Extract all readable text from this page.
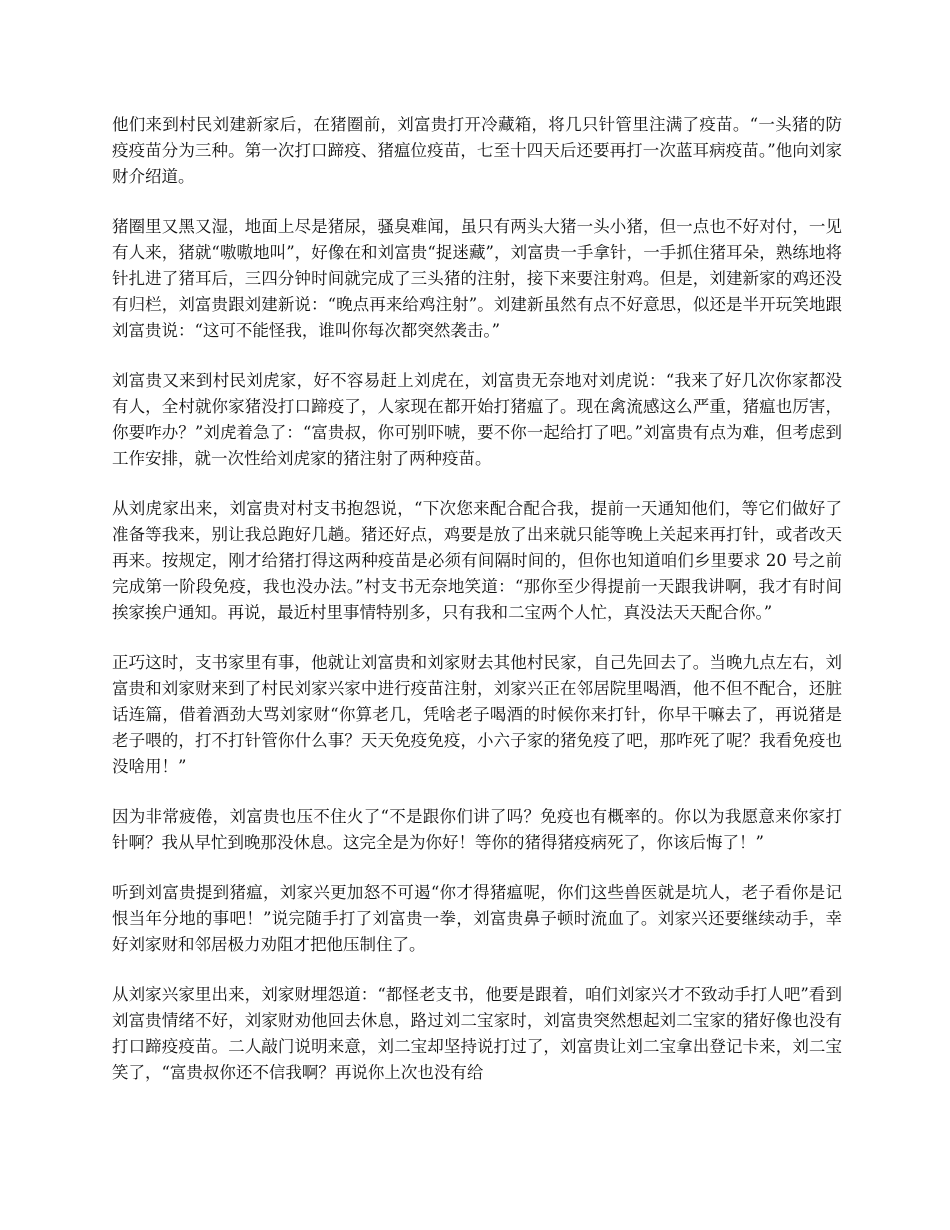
他们来到村民刘建新家后，在猪圈前，刘富贵打开冷藏箱，将几只针管里注满了疫苗。“一头猪的防疫疫苗分为三种。第一次打口蹄疫、猪瘟位疫苗，七至十四天后还要再打一次蓝耳病疫苗。”他向刘家财介绍道。

猪圈里又黑又湿，地面上尽是猪尿，骚臭难闻，虽只有两头大猪一头小猪，但一点也不好对付，一见有人来，猪就“嗷嗷地叫”，好像在和刘富贵“捉迷藏”，刘富贵一手拿针，一手抓住猪耳朵，熟练地将针扎进了猪耳后，三四分钟时间就完成了三头猪的注射，接下来要注射鸡。但是，刘建新家的鸡还没有归栏，刘富贵跟刘建新说：“晚点再来给鸡注射”。刘建新虽然有点不好意思，似还是半开玩笑地跟刘富贵说：“这可不能怪我，谁叫你每次都突然袭击。”

刘富贵又来到村民刘虎家，好不容易赶上刘虎在，刘富贵无奈地对刘虎说：“我来了好几次你家都没有人，全村就你家猪没打口蹄疫了，人家现在都开始打猪瘟了。现在禽流感这么严重，猪瘟也厉害，你要咋办？”刘虎着急了：“富贵叔，你可别吓唬，要不你一起给打了吧。”刘富贵有点为难，但考虑到工作安排，就一次性给刘虎家的猪注射了两种疫苗。

从刘虎家出来，刘富贵对村支书抱怨说，“下次您来配合配合我，提前一天通知他们，等它们做好了准备等我来，别让我总跑好几趟。猪还好点，鸡要是放了出来就只能等晚上关起来再打针，或者改天再来。按规定，刚才给猪打得这两种疫苗是必须有间隔时间的，但你也知道咱们乡里要求 20 号之前完成第一阶段免疫，我也没办法。”村支书无奈地笑道：“那你至少得提前一天跟我讲啊，我才有时间挨家挨户通知。再说，最近村里事情特别多，只有我和二宝两个人忙，真没法天天配合你。”

正巧这时，支书家里有事，他就让刘富贵和刘家财去其他村民家，自己先回去了。当晚九点左右，刘富贵和刘家财来到了村民刘家兴家中进行疫苗注射，刘家兴正在邻居院里喝酒，他不但不配合，还脏话连篇，借着酒劲大骂刘家财“你算老几，凭啥老子喝酒的时候你来打针，你早干嘛去了，再说猪是老子喂的，打不打针管你什么事？天天免疫免疫，小六子家的猪免疫了吧，那咋死了呢？我看免疫也没啥用！”

因为非常疲倦，刘富贵也压不住火了“不是跟你们讲了吗？免疫也有概率的。你以为我愿意来你家打针啊？我从早忙到晚那没休息。这完全是为你好！等你的猪得猪疫病死了，你该后悔了！”

听到刘富贵提到猪瘟，刘家兴更加怒不可遏“你才得猪瘟呢，你们这些兽医就是坑人，老子看你是记恨当年分地的事吧！”说完随手打了刘富贵一拳，刘富贵鼻子顿时流血了。刘家兴还要继续动手，幸好刘家财和邻居极力劝阻才把他压制住了。

从刘家兴家里出来，刘家财埋怨道：“都怪老支书，他要是跟着，咱们刘家兴才不致动手打人吧”看到刘富贵情绪不好，刘家财劝他回去休息，路过刘二宝家时，刘富贵突然想起刘二宝家的猪好像也没有打口蹄疫疫苗。二人敲门说明来意，刘二宝却坚持说打过了，刘富贵让刘二宝拿出登记卡来，刘二宝笑了，“富贵叔你还不信我啊？再说你上次也没有给
